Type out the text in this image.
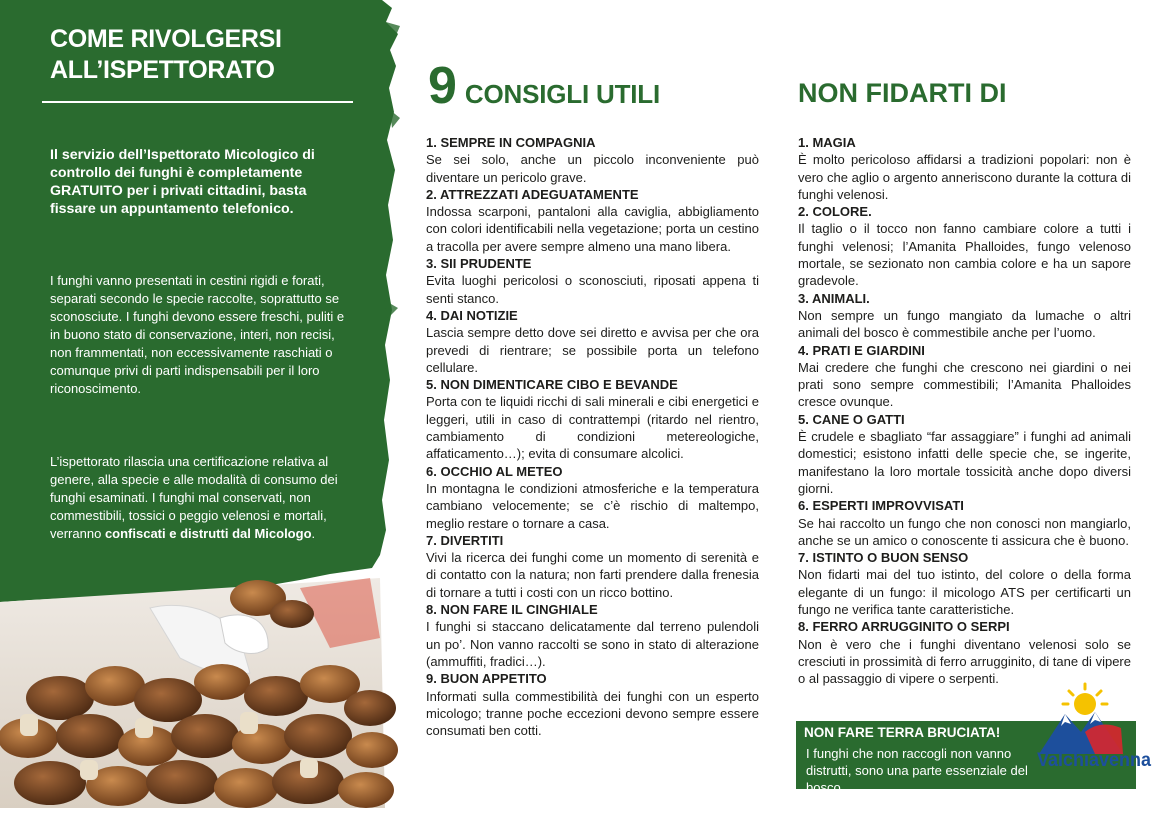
COME RIVOLGERSI
ALL’ISPETTORATO

Il servizio dell’Ispettorato Micologico di controllo dei funghi è completamente GRATUITO per i privati cittadini, basta fissare un appuntamento telefonico.

I funghi vanno presentati in cestini rigidi e forati, separati secondo le specie raccolte, soprattutto se sconosciute. I funghi devono essere freschi, puliti e in buono stato di conservazione, interi, non recisi, non frammentati, non eccessivamente raschiati o comunque privi di parti indispensabili per il loro riconoscimento.

L’ispettorato rilascia una certificazione relativa al genere, alla specie e alle modalità di consumo dei funghi esaminati. I funghi mal conservati, non commestibili, tossici o peggio velenosi e mortali, verranno confiscati e distrutti dal Micologo.

9 CONSIGLI UTILI
1. SEMPRE IN COMPAGNIA
Se sei solo, anche un piccolo inconveniente può diventare un pericolo grave.
2. ATTREZZATI ADEGUATAMENTE
Indossa scarponi, pantaloni alla caviglia, abbigliamento con colori identificabili nella vegetazione; porta un cestino a tracolla per avere sempre almeno una mano libera.
3. SII PRUDENTE
Evita luoghi pericolosi o sconosciuti, riposati appena ti senti stanco.
4. DAI NOTIZIE
Lascia sempre detto dove sei diretto e avvisa per che ora prevedi di rientrare; se possibile porta un telefono cellulare.
5. NON DIMENTICARE CIBO E BEVANDE
Porta con te liquidi ricchi di sali minerali e cibi energetici e leggeri, utili in caso di contrattempi (ritardo nel rientro, cambiamento di condizioni metereologiche, affaticamento…); evita di consumare alcolici.
6. OCCHIO AL METEO
In montagna le condizioni atmosferiche e la temperatura cambiano velocemente; se c’è rischio di maltempo, meglio restare o tornare a casa.
7. DIVERTITI
Vivi la ricerca dei funghi come un momento di serenità e di contatto con la natura; non farti prendere dalla frenesia di tornare a tutti i costi con un ricco bottino.
8. NON FARE IL CINGHIALE
I funghi si staccano delicatamente dal terreno pulendoli un po’. Non vanno raccolti se sono in stato di alterazione (ammuffiti, fradici…).
9. BUON APPETITO
Informati sulla commestibilità dei funghi con un esperto micologo; tranne poche eccezioni devono sempre essere consumati ben cotti.
NON FIDARTI DI
1. MAGIA
È molto pericoloso affidarsi a tradizioni popolari: non è vero che aglio o argento anneriscono durante la cottura di funghi velenosi.
2. COLORE.
Il taglio o il tocco non fanno cambiare colore a tutti i funghi velenosi; l’Amanita Phalloides, fungo velenoso mortale, se sezionato non cambia colore e ha un sapore gradevole.
3. ANIMALI.
Non sempre un fungo mangiato da lumache o altri animali del bosco è commestibile anche per l’uomo.
4. PRATI E GIARDINI
Mai credere che funghi che crescono nei giardini o nei prati sono sempre commestibili; l’Amanita Phalloides cresce ovunque.
5. CANE O GATTI
È crudele e sbagliato “far assaggiare” i funghi ad animali domestici; esistono infatti delle specie che, se ingerite, manifestano la loro mortale tossicità anche dopo diversi giorni.
6. ESPERTI IMPROVVISATI
Se hai raccolto un fungo che non conosci non mangiarlo, anche se un amico o conoscente ti assicura che è buono.
7. ISTINTO O BUON SENSO
Non fidarti mai del tuo istinto, del colore o della forma elegante di un fungo: il micologo ATS per certificarti un fungo ne verifica tante caratteristiche.
8. FERRO ARRUGGINITO O SERPI
Non è vero che i funghi diventano velenosi solo se cresciuti in prossimità di ferro arrugginito, di tane di vipere o al passaggio di vipere o serpenti.
NON FARE TERRA BRUCIATA!
I funghi che non raccogli non vanno distrutti, sono una parte essenziale del bosco
Valchiavenna
